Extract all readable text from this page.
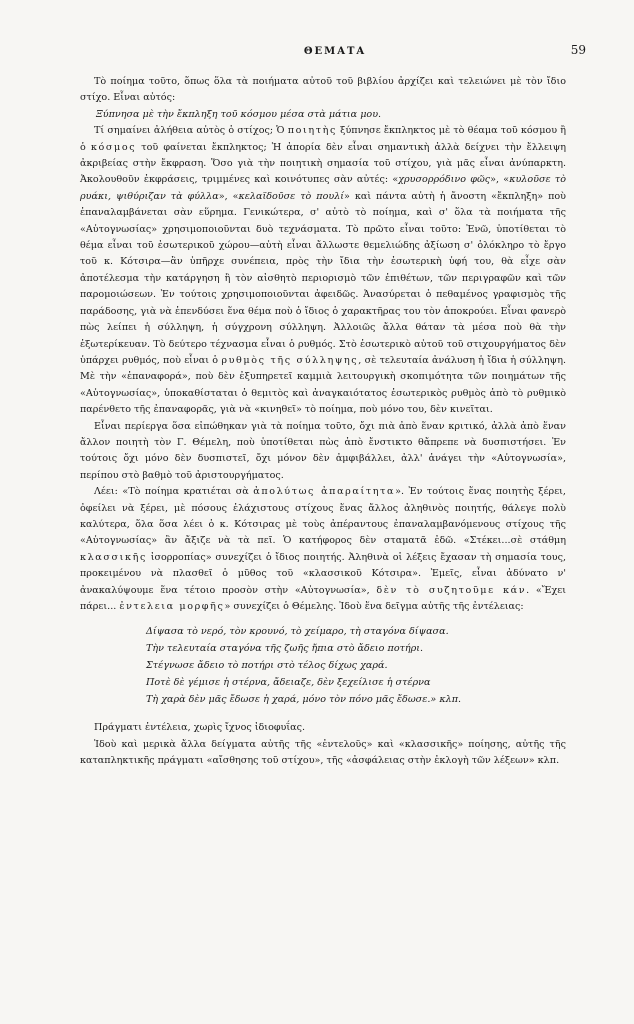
ΘΕΜΑΤΑ	59

Τὸ ποίημα τοῦτο, ὅπως ὅλα τὰ ποιήματα αὐτοῦ τοῦ βιβλίου ἀρχίζει καὶ τελειώνει μὲ τὸν ἴδιο στίχο. Εἶναι αὐτός:

Ξύπνησα μὲ τὴν ἔκπληξη τοῦ κόσμου μέσα στὰ μάτια μου.

Τί σημαίνει ἀλήθεια αὐτὸς ὁ στίχος; Ὁ ποιητὴς ξύπνησε ἔκπληκτος μὲ τὸ θέαμα τοῦ κόσμου ἢ ὁ κόσμος τοῦ φαίνεται ἔκπληκτος; Ἡ ἀπορία δὲν εἶναι σημαντικὴ ἀλλὰ δείχνει τὴν ἔλλειψη ἀκριβείας στὴν ἔκφραση. Ὅσο γιὰ τὴν ποιητικὴ σημασία τοῦ στίχου, γιὰ μᾶς εἶναι ἀνύπαρκτη. Ἀκολουθοῦν ἐκφράσεις, τριμμένες καὶ κοινότυπες σὰν αὐτές: «χρυσορρόδινο φῶς», «κυλοῦσε τὸ ρυάκι, ψιθύριζαν τὰ φύλλα», «κελαϊδοῦσε τὸ πουλί» καὶ πάντα αὐτὴ ἡ ἄνοστη «ἔκπληξη» ποὺ ἐπαναλαμβάνεται σὰν εὕρημα. Γενικώτερα, σ' αὐτὸ τὸ ποίημα, καὶ σ' ὅλα τὰ ποιήματα τῆς «Αὐτογνωσίας» χρησιμοποιοῦνται δυὸ τεχνάσματα. Τὸ πρῶτο εἶναι τοῦτο: Ἐνῶ, ὑποτίθεται τὸ θέμα εἶναι τοῦ ἐσωτερικοῦ χώρου—αὐτὴ εἶναι ἄλλωστε θεμελιώδης ἀξίωση σ' ὁλόκληρο τὸ ἔργο τοῦ κ. Κότσιρα—ἂν ὑπῆρχε συνέπεια, πρὸς τὴν ἴδια τὴν ἐσωτερικὴ ὑφή του, θὰ εἶχε σὰν ἀποτέλεσμα τὴν κατάργηση ἢ τὸν αἰσθητὸ περιορισμὸ τῶν ἐπιθέτων, τῶν περιγραφῶν καὶ τῶν παρομοιώσεων. Ἐν τούτοις χρησιμοποιοῦνται ἀφειδῶς. Ἀνασύρεται ὁ πεθαμένος γραφισμὸς τῆς παράδοσης, γιὰ νὰ ἐπενδύσει ἕνα θέμα ποὺ ὁ ἴδιος ὁ χαρακτῆρας του τὸν ἀποκρούει. Εἶναι φανερὸ πὼς λείπει ἡ σύλληψη, ἡ σύγχρονη σύλληψη. Ἀλλοιῶς ἄλλα θάταν τὰ μέσα ποὺ θὰ τὴν ἐξωτερίκευαν. Τὸ δεύτερο τέχνασμα εἶναι ὁ ρυθμός. Στὸ ἐσωτερικὸ αὐτοῦ τοῦ στιχουργήματος δὲν ὑπάρχει ρυθμός, ποὺ εἶναι ὁ ρυθμὸς τῆς σύλληψης, σὲ τελευταία ἀνάλυση ἡ ἴδια ἡ σύλληψη. Μὲ τὴν «ἐπαναφορά», ποὺ δὲν ἐξυπηρετεῖ καμμιὰ λειτουργικὴ σκοπιμότητα τῶν ποιημάτων τῆς «Αὐτογνωσίας», ὑποκαθίσταται ὁ θεμιτὸς καὶ ἀναγκαιότατος ἐσωτερικὸς ρυθμὸς ἀπὸ τὸ ρυθμικὸ παρένθετο τῆς ἐπαναφορᾶς, γιὰ νὰ «κινηθεῖ» τὸ ποίημα, ποὺ μόνο του, δὲν κινεῖται.

Εἶναι περίεργα ὅσα εἰπώθηκαν γιὰ τὰ ποίημα τοῦτο, ὄχι πιὰ ἀπὸ ἕναν κριτικό, ἀλλὰ ἀπὸ ἕναν ἄλλον ποιητὴ τὸν Γ. Θέμελη, ποὺ ὑποτίθεται πὼς ἀπὸ ἔνστικτο θἄπρεπε νὰ δυσπιστήσει. Ἐν τούτοις ὄχι μόνο δὲν δυσπιστεῖ, ὄχι μόνον δὲν ἀμφιβάλλει, ἀλλ' ἀνάγει τὴν «Αὐτογνωσία», περίπου στὸ βαθμὸ τοῦ ἀριστουργήματος.

Λέει: «Τὸ ποίημα κρατιέται σὰ ἀπολύτως ἀπαραίτητα». Ἐν τούτοις ἕνας ποιητὴς ξέρει, ὀφείλει νὰ ξέρει, μὲ πόσους ἐλάχιστους στίχους ἕνας ἄλλος ἀληθινὸς ποιητής, θάλεγε πολὺ καλύτερα, ὅλα ὅσα λέει ὁ κ. Κότσιρας μὲ τοὺς ἀπέραντους ἐπαναλαμβανόμενους στίχους τῆς «Αὐτογνωσίας» ἂν ἄξιζε νὰ τὰ πεῖ. Ὁ κατήφορος δὲν σταματᾶ ἐδῶ. «Στέκει...σὲ στάθμη κλασσικῆς ἰσορροπίας» συνεχίζει ὁ ἴδιος ποιητής. Ἀληθινὰ οἱ λέξεις ἔχασαν τὴ σημασία τους, προκειμένου νὰ πλασθεῖ ὁ μῦθος τοῦ «κλασσικοῦ Κότσιρα». Ἐμεῖς, εἶναι ἀδύνατο ν' ἀνακαλύψουμε ἕνα τέτοιο προσὸν στὴν «Αὐτογνωσία», δὲν τὸ συζητοῦμε κάν. «Ἔχει πάρει... ἐντελεια μορφῆς» συνεχίζει ὁ Θέμελης. Ἰδοὺ ἕνα δεῖγμα αὐτῆς τῆς ἐντέλειας:

Δίψασα τὸ νερό, τὸν κρουνό, τὸ χείμαρο, τὴ σταγόνα δίψασα.
Τὴν τελευταία σταγόνα τῆς ζωῆς ἤπια στὸ ἄδειο ποτήρι.
Στέγνωσε ἄδειο τὸ ποτήρι στὸ τέλος δίχως χαρά.
Ποτὲ δὲ γέμισε ἡ στέρνα, ἄδειαζε, δὲν ξεχείλισε ἡ στέρνα
Τὴ χαρὰ δὲν μᾶς ἔδωσε ἡ χαρά, μόνο τὸν πόνο μᾶς ἔδωσε.» κλπ.

Πράγματι ἐντέλεια, χωρὶς ἴχνος ἰδιοφυΐας.

Ἰδοὺ καὶ μερικὰ ἄλλα δείγματα αὐτῆς τῆς «ἐντελοῦς» καὶ «κλασσικῆς» ποίησης, αὐτῆς τῆς καταπληκτικῆς πράγματι «αἴσθησης τοῦ στίχου», τῆς «ἀσφάλειας στὴν ἐκλογὴ τῶν λέξεων» κλπ.
